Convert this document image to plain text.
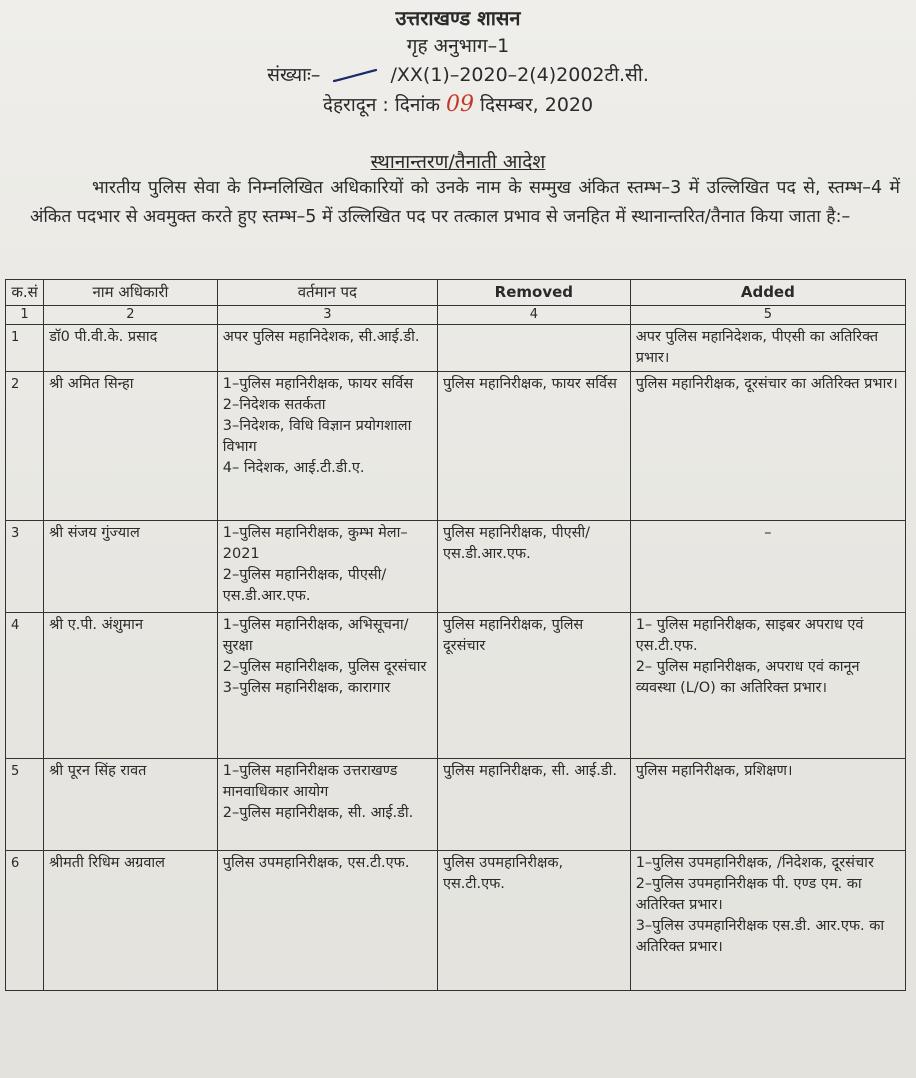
उत्तराखण्ड शासन
गृह अनुभाग–1
संख्याः–	/XX(1)–2020–2(4)2002टी.सी.
देहरादून : दिनांक 09 दिसम्बर, 2020
स्थानान्तरण/तैनाती आदेश
भारतीय पुलिस सेवा के निम्नलिखित अधिकारियों को उनके नाम के सम्मुख अंकित स्तम्भ–3 में उल्लिखित पद से, स्तम्भ–4 में अंकित पदभार से अवमुक्त करते हुए स्तम्भ–5 में उल्लिखित पद पर तत्काल प्रभाव से जनहित में स्थानान्तरित/तैनात किया जाता है:–
क.सं	नाम अधिकारी	वर्तमान पद	Removed	Added
1	2	3	4	5
1	डॉ0 पी.वी.के. प्रसाद	अपर पुलिस महानिदेशक, सी.आई.डी.		अपर पुलिस महानिदेशक, पीएसी का अतिरिक्त प्रभार।

2	श्री अमित सिन्हा	1–पुलिस महानिरीक्षक, फायर सर्विस
2–निदेशक सतर्कता
3–निदेशक, विधि विज्ञान प्रयोगशाला विभाग
4– निदेशक, आई.टी.डी.ए.	पुलिस महानिरीक्षक, फायर सर्विस	पुलिस महानिरीक्षक, दूरसंचार का अतिरिक्त प्रभार।

3	श्री संजय गुंज्याल	1–पुलिस महानिरीक्षक, कुम्भ मेला–2021
2–पुलिस महानिरीक्षक, पीएसी/एस.डी.आर.एफ.	पुलिस महानिरीक्षक, पीएसी/एस.डी.आर.एफ.	–

4	श्री ए.पी. अंशुमान	1–पुलिस महानिरीक्षक, अभिसूचना/सुरक्षा
2–पुलिस महानिरीक्षक, पुलिस दूरसंचार
3–पुलिस महानिरीक्षक, कारागार	पुलिस महानिरीक्षक, पुलिस दूरसंचार	1– पुलिस महानिरीक्षक, साइबर अपराध एवं एस.टी.एफ.
2– पुलिस महानिरीक्षक, अपराध एवं कानून व्यवस्था (L/O) का अतिरिक्त प्रभार।

5	श्री पूरन सिंह रावत	1–पुलिस महानिरीक्षक उत्तराखण्ड मानवाधिकार आयोग
2–पुलिस महानिरीक्षक, सी. आई.डी.	पुलिस महानिरीक्षक, सी. आई.डी.	पुलिस महानिरीक्षक, प्रशिक्षण।

6	श्रीमती रिधिम अग्रवाल	पुलिस उपमहानिरीक्षक, एस.टी.एफ.	पुलिस उपमहानिरीक्षक, एस.टी.एफ.	1–पुलिस उपमहानिरीक्षक, /निदेशक, दूरसंचार
2–पुलिस उपमहानिरीक्षक पी. एण्ड एम. का अतिरिक्त प्रभार।
3–पुलिस उपमहानिरीक्षक एस.डी. आर.एफ. का अतिरिक्त प्रभार।
